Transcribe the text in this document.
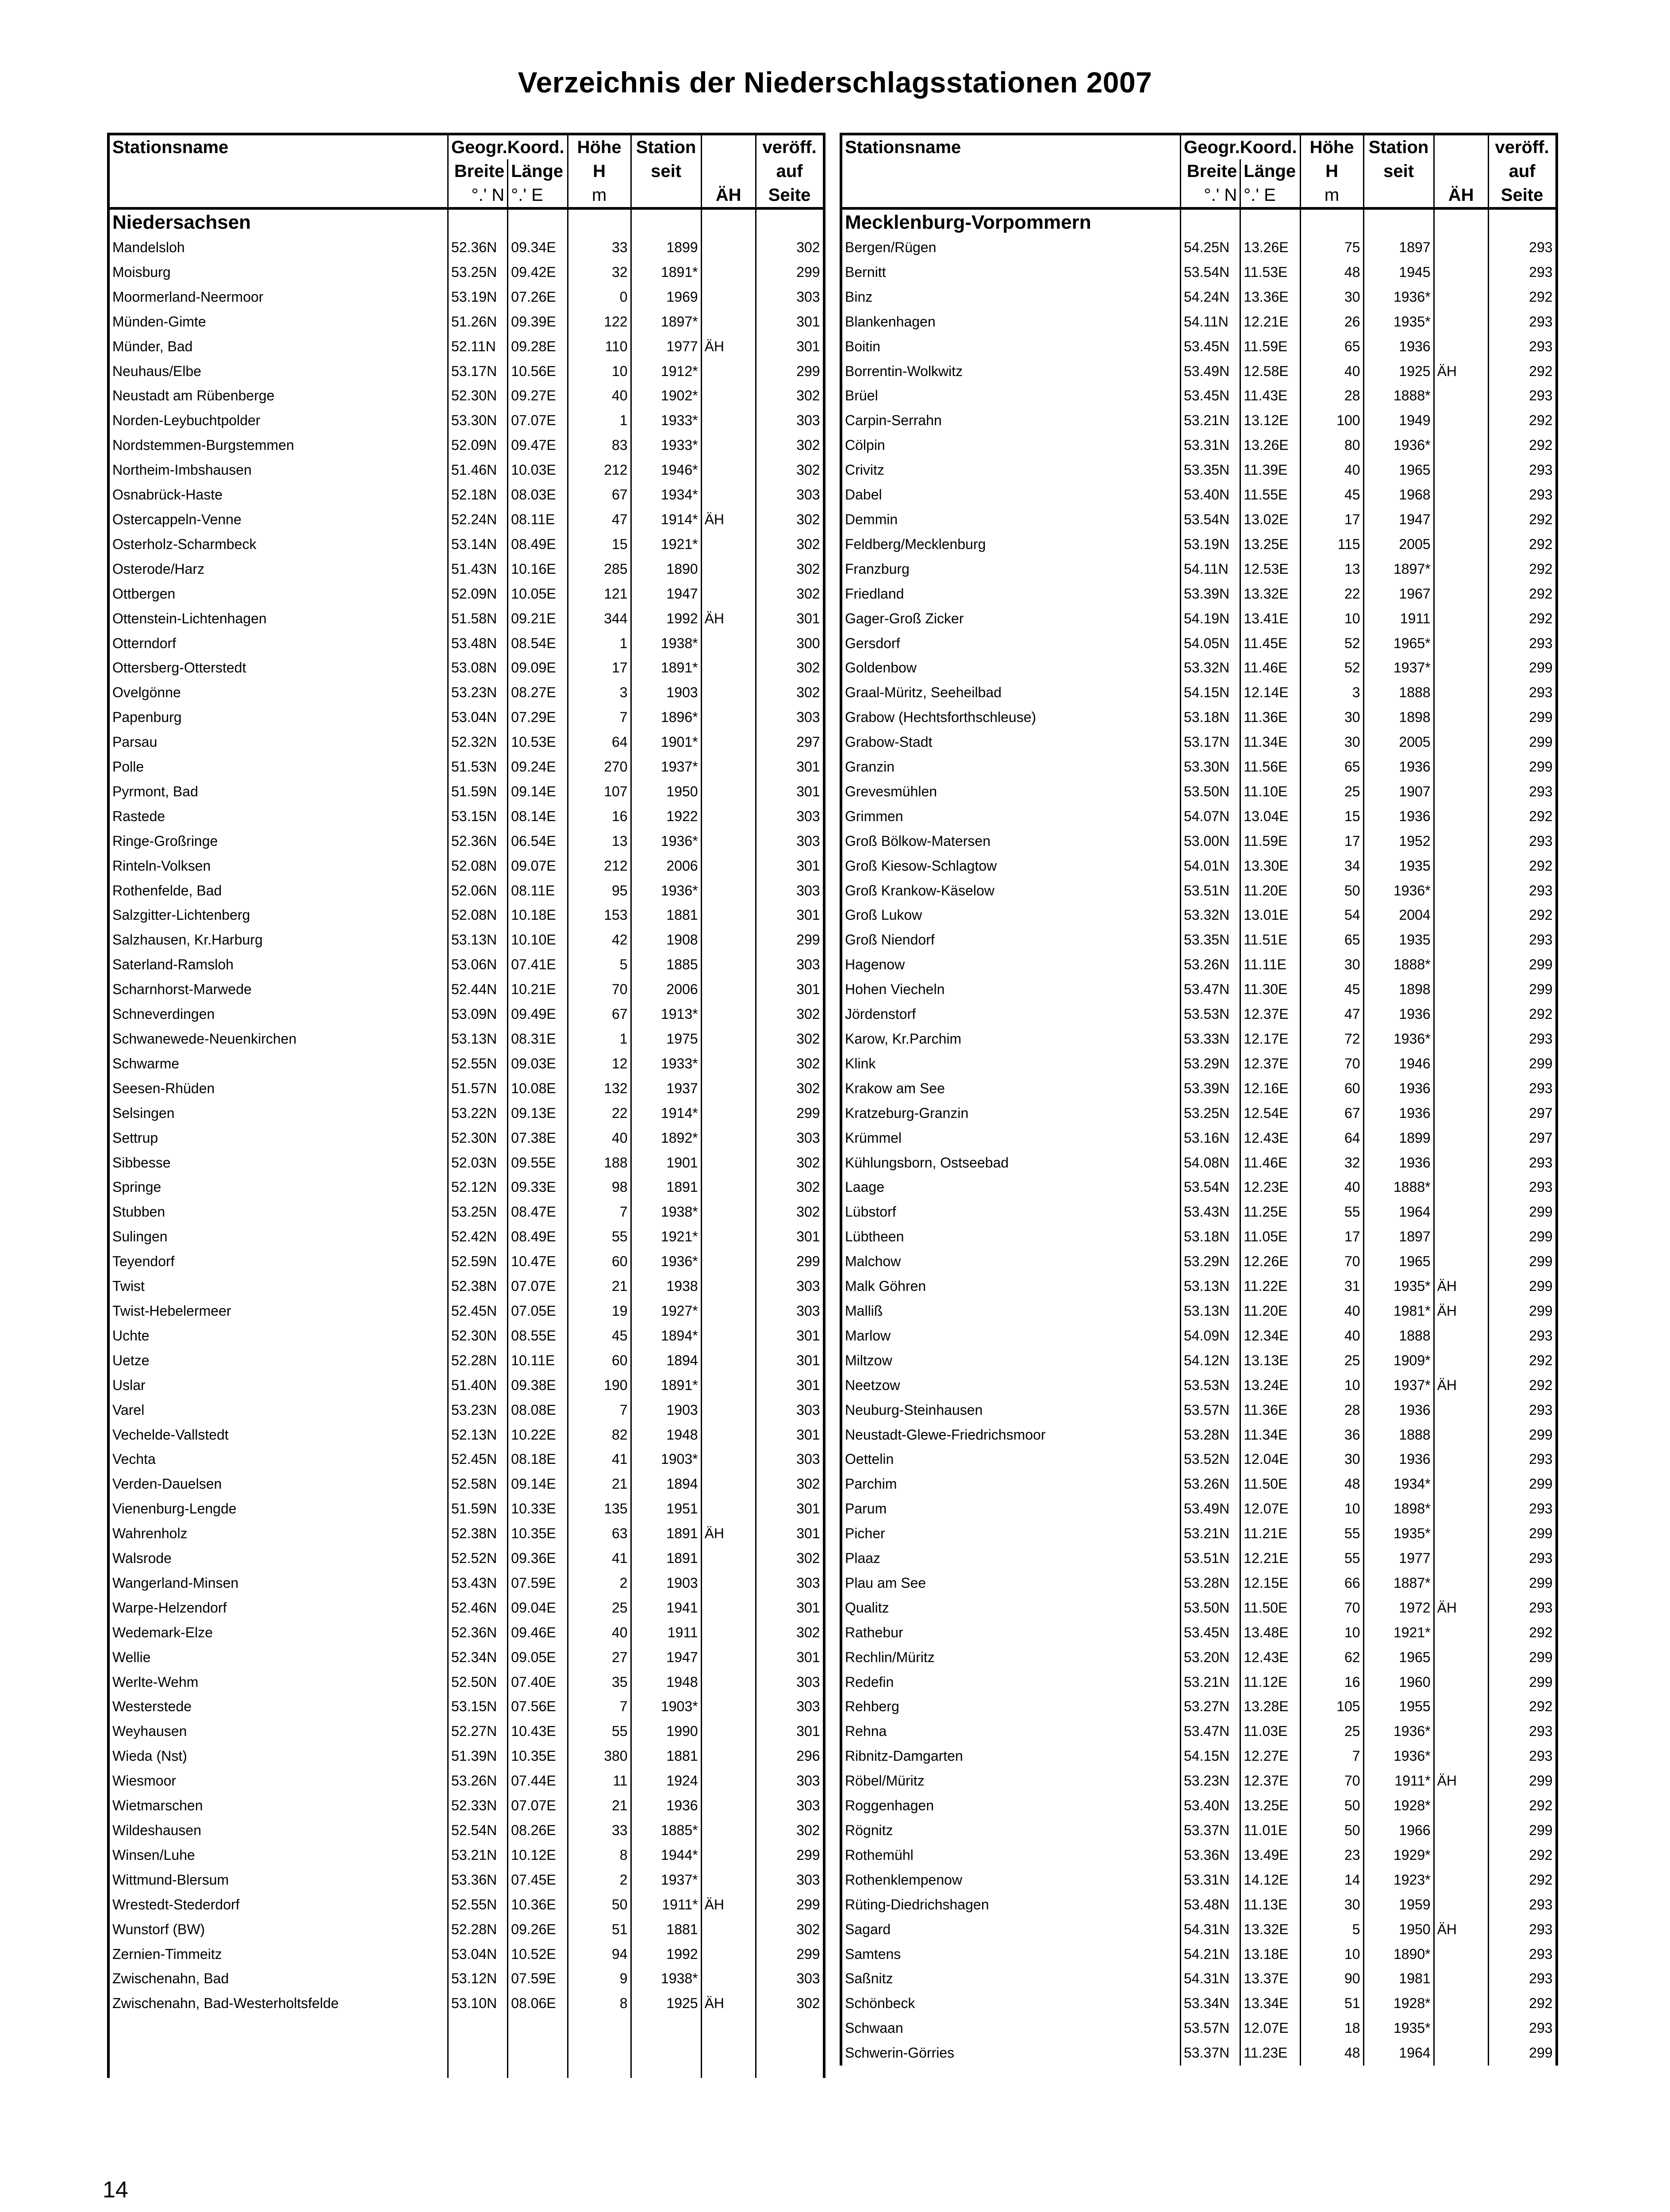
Verzeichnis der Niederschlagsstationen 2007
Stationsname	Geogr.Koord.		Höhe	Station		veröff.
	Breite	Länge	H	seit		auf
	°.' N	°.' E	m		ÄH	Seite
Niedersachsen						
Mandelsloh	52.36N	09.34E	33	1899		302
Moisburg	53.25N	09.42E	32	1891*		299
Moormerland-Neermoor	53.19N	07.26E	0	1969		303
Münden-Gimte	51.26N	09.39E	122	1897*		301
Münder, Bad	52.11N	09.28E	110	1977	ÄH	301
Neuhaus/Elbe	53.17N	10.56E	10	1912*		299
Neustadt am Rübenberge	52.30N	09.27E	40	1902*		302
Norden-Leybuchtpolder	53.30N	07.07E	1	1933*		303
Nordstemmen-Burgstemmen	52.09N	09.47E	83	1933*		302
Northeim-Imbshausen	51.46N	10.03E	212	1946*		302
Osnabrück-Haste	52.18N	08.03E	67	1934*		303
Ostercappeln-Venne	52.24N	08.11E	47	1914*	ÄH	302
Osterholz-Scharmbeck	53.14N	08.49E	15	1921*		302
Osterode/Harz	51.43N	10.16E	285	1890		302
Ottbergen	52.09N	10.05E	121	1947		302
Ottenstein-Lichtenhagen	51.58N	09.21E	344	1992	ÄH	301
Otterndorf	53.48N	08.54E	1	1938*		300
Ottersberg-Otterstedt	53.08N	09.09E	17	1891*		302
Ovelgönne	53.23N	08.27E	3	1903		302
Papenburg	53.04N	07.29E	7	1896*		303
Parsau	52.32N	10.53E	64	1901*		297
Polle	51.53N	09.24E	270	1937*		301
Pyrmont, Bad	51.59N	09.14E	107	1950		301
Rastede	53.15N	08.14E	16	1922		303
Ringe-Großringe	52.36N	06.54E	13	1936*		303
Rinteln-Volksen	52.08N	09.07E	212	2006		301
Rothenfelde, Bad	52.06N	08.11E	95	1936*		303
Salzgitter-Lichtenberg	52.08N	10.18E	153	1881		301
Salzhausen, Kr.Harburg	53.13N	10.10E	42	1908		299
Saterland-Ramsloh	53.06N	07.41E	5	1885		303
Scharnhorst-Marwede	52.44N	10.21E	70	2006		301
Schneverdingen	53.09N	09.49E	67	1913*		302
Schwanewede-Neuenkirchen	53.13N	08.31E	1	1975		302
Schwarme	52.55N	09.03E	12	1933*		302
Seesen-Rhüden	51.57N	10.08E	132	1937		302
Selsingen	53.22N	09.13E	22	1914*		299
Settrup	52.30N	07.38E	40	1892*		303
Sibbesse	52.03N	09.55E	188	1901		302
Springe	52.12N	09.33E	98	1891		302
Stubben	53.25N	08.47E	7	1938*		302
Sulingen	52.42N	08.49E	55	1921*		301
Teyendorf	52.59N	10.47E	60	1936*		299
Twist	52.38N	07.07E	21	1938		303
Twist-Hebelermeer	52.45N	07.05E	19	1927*		303
Uchte	52.30N	08.55E	45	1894*		301
Uetze	52.28N	10.11E	60	1894		301
Uslar	51.40N	09.38E	190	1891*		301
Varel	53.23N	08.08E	7	1903		303
Vechelde-Vallstedt	52.13N	10.22E	82	1948		301
Vechta	52.45N	08.18E	41	1903*		303
Verden-Dauelsen	52.58N	09.14E	21	1894		302
Vienenburg-Lengde	51.59N	10.33E	135	1951		301
Wahrenholz	52.38N	10.35E	63	1891	ÄH	301
Walsrode	52.52N	09.36E	41	1891		302
Wangerland-Minsen	53.43N	07.59E	2	1903		303
Warpe-Helzendorf	52.46N	09.04E	25	1941		301
Wedemark-Elze	52.36N	09.46E	40	1911		302
Wellie	52.34N	09.05E	27	1947		301
Werlte-Wehm	52.50N	07.40E	35	1948		303
Westerstede	53.15N	07.56E	7	1903*		303
Weyhausen	52.27N	10.43E	55	1990		301
Wieda (Nst)	51.39N	10.35E	380	1881		296
Wiesmoor	53.26N	07.44E	11	1924		303
Wietmarschen	52.33N	07.07E	21	1936		303
Wildeshausen	52.54N	08.26E	33	1885*		302
Winsen/Luhe	53.21N	10.12E	8	1944*		299
Wittmund-Blersum	53.36N	07.45E	2	1937*		303
Wrestedt-Stederdorf	52.55N	10.36E	50	1911*	ÄH	299
Wunstorf (BW)	52.28N	09.26E	51	1881		302
Zernien-Timmeitz	53.04N	10.52E	94	1992		299
Zwischenahn, Bad	53.12N	07.59E	9	1938*		303
Zwischenahn, Bad-Westerholtsfelde	53.10N	08.06E	8	1925	ÄH	302

Stationsname	Geogr.Koord.		Höhe	Station		veröff.
	Breite	Länge	H	seit		auf
	°.' N	°.' E	m		ÄH	Seite
Mecklenburg-Vorpommern						
Bergen/Rügen	54.25N	13.26E	75	1897		293
Bernitt	53.54N	11.53E	48	1945		293
Binz	54.24N	13.36E	30	1936*		292
Blankenhagen	54.11N	12.21E	26	1935*		293
Boitin	53.45N	11.59E	65	1936		293
Borrentin-Wolkwitz	53.49N	12.58E	40	1925	ÄH	292
Brüel	53.45N	11.43E	28	1888*		293
Carpin-Serrahn	53.21N	13.12E	100	1949		292
Cölpin	53.31N	13.26E	80	1936*		292
Crivitz	53.35N	11.39E	40	1965		293
Dabel	53.40N	11.55E	45	1968		293
Demmin	53.54N	13.02E	17	1947		292
Feldberg/Mecklenburg	53.19N	13.25E	115	2005		292
Franzburg	54.11N	12.53E	13	1897*		292
Friedland	53.39N	13.32E	22	1967		292
Gager-Groß Zicker	54.19N	13.41E	10	1911		292
Gersdorf	54.05N	11.45E	52	1965*		293
Goldenbow	53.32N	11.46E	52	1937*		299
Graal-Müritz, Seeheilbad	54.15N	12.14E	3	1888		293
Grabow (Hechtsforthschleuse)	53.18N	11.36E	30	1898		299
Grabow-Stadt	53.17N	11.34E	30	2005		299
Granzin	53.30N	11.56E	65	1936		299
Grevesmühlen	53.50N	11.10E	25	1907		293
Grimmen	54.07N	13.04E	15	1936		292
Groß Bölkow-Matersen	53.00N	11.59E	17	1952		293
Groß Kiesow-Schlagtow	54.01N	13.30E	34	1935		292
Groß Krankow-Käselow	53.51N	11.20E	50	1936*		293
Groß Lukow	53.32N	13.01E	54	2004		292
Groß Niendorf	53.35N	11.51E	65	1935		293
Hagenow	53.26N	11.11E	30	1888*		299
Hohen Viecheln	53.47N	11.30E	45	1898		299
Jördenstorf	53.53N	12.37E	47	1936		292
Karow, Kr.Parchim	53.33N	12.17E	72	1936*		293
Klink	53.29N	12.37E	70	1946		299
Krakow am See	53.39N	12.16E	60	1936		293
Kratzeburg-Granzin	53.25N	12.54E	67	1936		297
Krümmel	53.16N	12.43E	64	1899		297
Kühlungsborn, Ostseebad	54.08N	11.46E	32	1936		293
Laage	53.54N	12.23E	40	1888*		293
Lübstorf	53.43N	11.25E	55	1964		299
Lübtheen	53.18N	11.05E	17	1897		299
Malchow	53.29N	12.26E	70	1965		299
Malk Göhren	53.13N	11.22E	31	1935*	ÄH	299
Malliß	53.13N	11.20E	40	1981*	ÄH	299
Marlow	54.09N	12.34E	40	1888		293
Miltzow	54.12N	13.13E	25	1909*		292
Neetzow	53.53N	13.24E	10	1937*	ÄH	292
Neuburg-Steinhausen	53.57N	11.36E	28	1936		293
Neustadt-Glewe-Friedrichsmoor	53.28N	11.34E	36	1888		299
Oettelin	53.52N	12.04E	30	1936		293
Parchim	53.26N	11.50E	48	1934*		299
Parum	53.49N	12.07E	10	1898*		293
Picher	53.21N	11.21E	55	1935*		299
Plaaz	53.51N	12.21E	55	1977		293
Plau am See	53.28N	12.15E	66	1887*		299
Qualitz	53.50N	11.50E	70	1972	ÄH	293
Rathebur	53.45N	13.48E	10	1921*		292
Rechlin/Müritz	53.20N	12.43E	62	1965		299
Redefin	53.21N	11.12E	16	1960		299
Rehberg	53.27N	13.28E	105	1955		292
Rehna	53.47N	11.03E	25	1936*		293
Ribnitz-Damgarten	54.15N	12.27E	7	1936*		293
Röbel/Müritz	53.23N	12.37E	70	1911*	ÄH	299
Roggenhagen	53.40N	13.25E	50	1928*		292
Rögnitz	53.37N	11.01E	50	1966		299
Rothemühl	53.36N	13.49E	23	1929*		292
Rothenklempenow	53.31N	14.12E	14	1923*		292
Rüting-Diedrichshagen	53.48N	11.13E	30	1959		293
Sagard	54.31N	13.32E	5	1950	ÄH	293
Samtens	54.21N	13.18E	10	1890*		293
Saßnitz	54.31N	13.37E	90	1981		293
Schönbeck	53.34N	13.34E	51	1928*		292
Schwaan	53.57N	12.07E	18	1935*		293
Schwerin-Görries	53.37N	11.23E	48	1964		299
14
